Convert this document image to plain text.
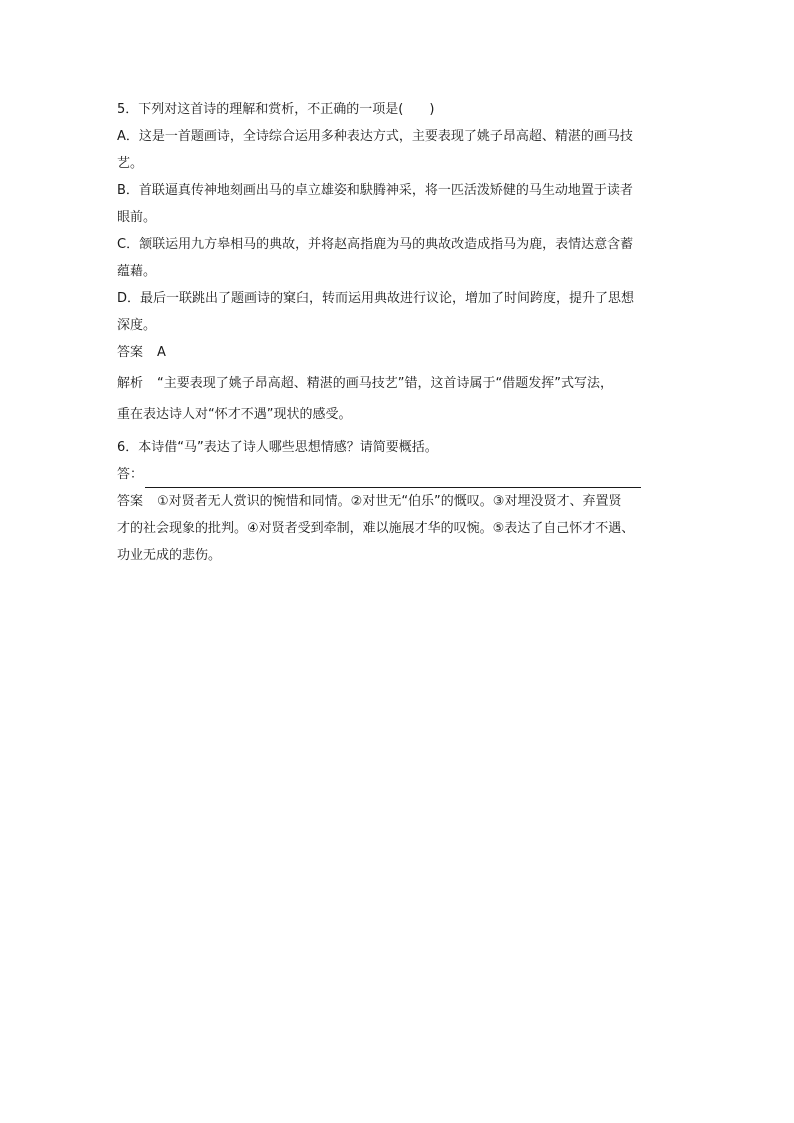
5．下列对这首诗的理解和赏析，不正确的一项是(　　)
A．这是一首题画诗，全诗综合运用多种表达方式，主要表现了姚子昂高超、精湛的画马技
艺。
B．首联逼真传神地刻画出马的卓立雄姿和駃腾神采，将一匹活泼矫健的马生动地置于读者
眼前。
C．颔联运用九方皋相马的典故，并将赵高指鹿为马的典故改造成指马为鹿，表情达意含蓄
蕴藉。
D．最后一联跳出了题画诗的窠臼，转而运用典故进行议论，增加了时间跨度，提升了思想
深度。
答案 A
解析 “主要表现了姚子昂高超、精湛的画马技艺”错，这首诗属于“借题发挥”式写法，
重在表达诗人对“怀才不遇”现状的感受。
6．本诗借“马”表达了诗人哪些思想情感？请简要概括。
答：
答案 ①对贤者无人赏识的惋惜和同情。②对世无“伯乐”的慨叹。③对埋没贤才、弃置贤
才的社会现象的批判。④对贤者受到牵制，难以施展才华的叹惋。⑤表达了自己怀才不遇、
功业无成的悲伤。
